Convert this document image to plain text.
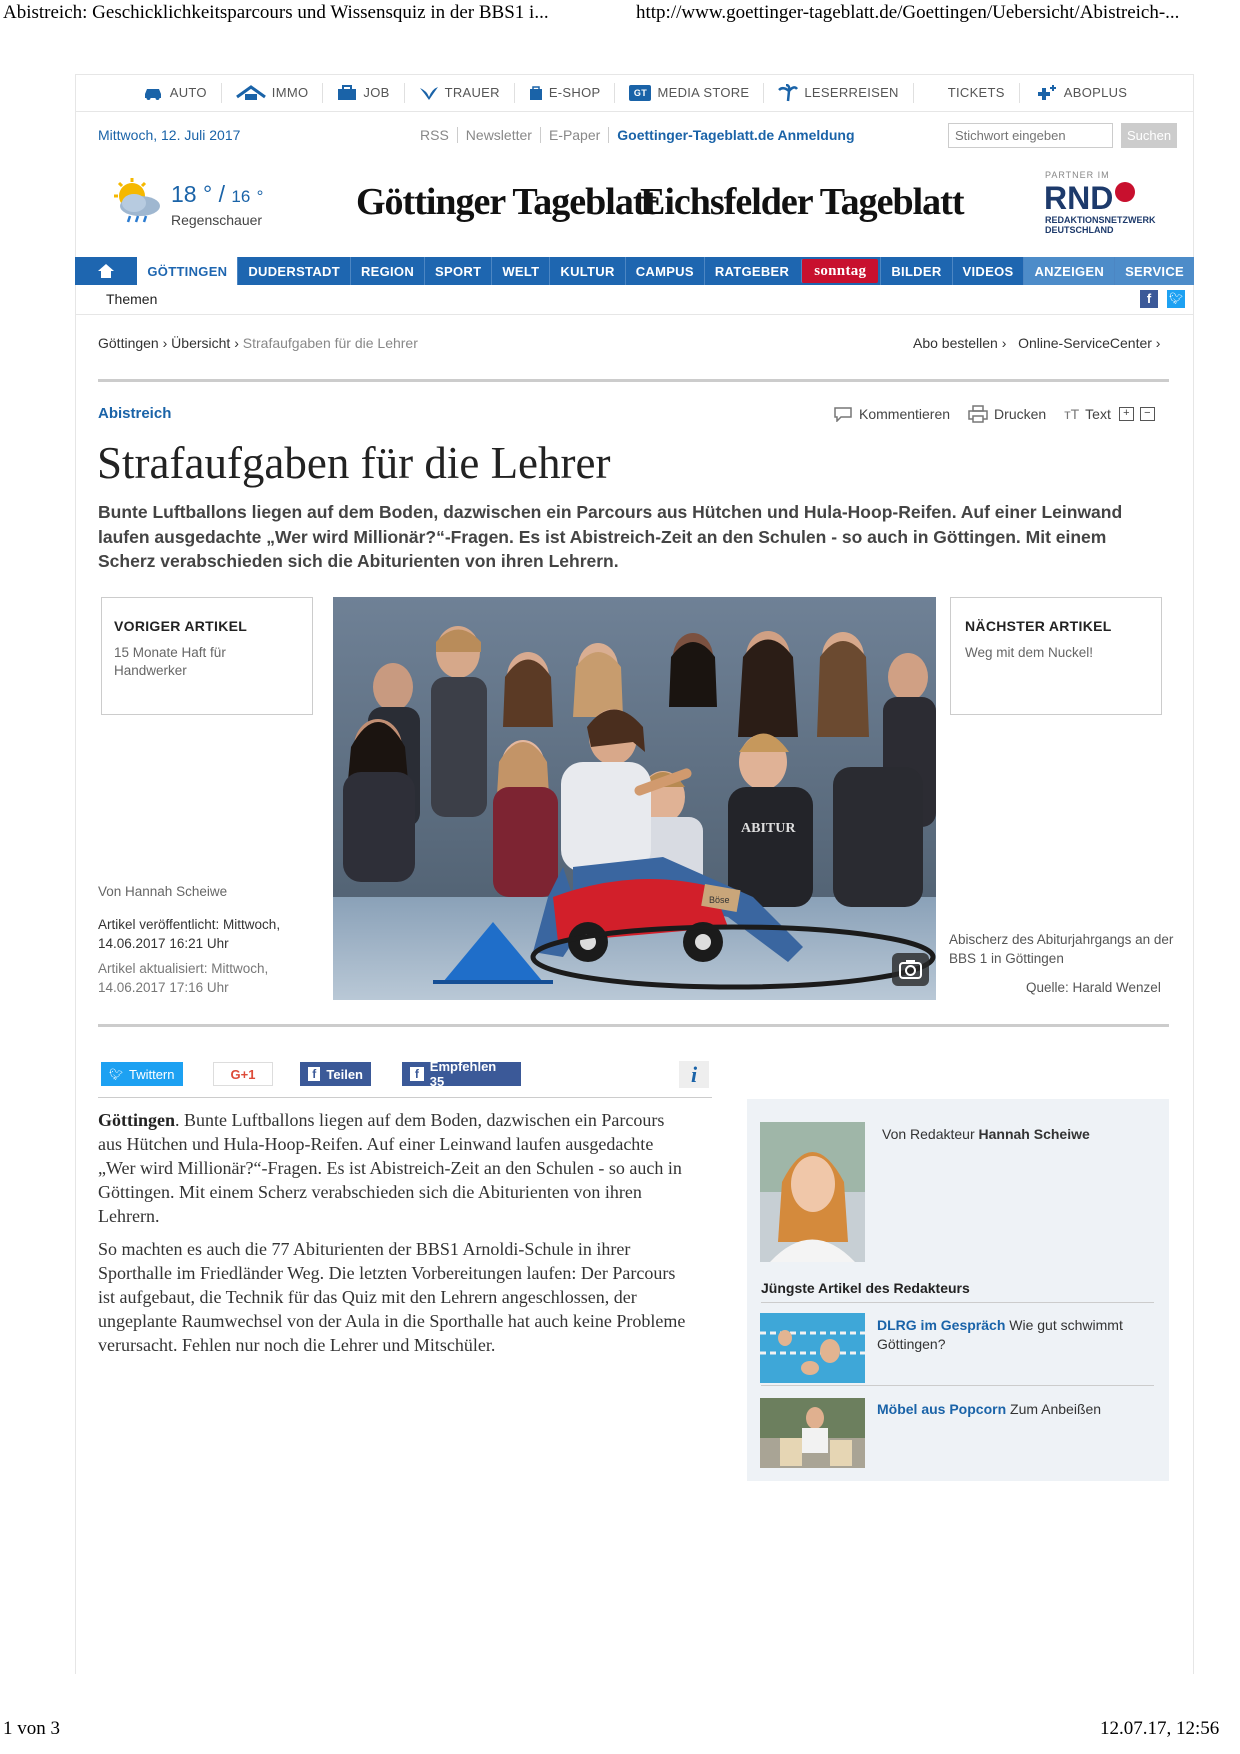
Abistreich: Geschicklichkeitsparcours und Wissensquiz in der BBS1 i...	http://www.goettinger-tageblatt.de/Goettingen/Uebersicht/Abistreich-...
1 von 3	12.07.17, 12:56
AUTO	IMMO	JOB	TRAUER	E-SHOP	GT MEDIA STORE	LESERREISEN	TICKETS	ABOPLUS
Mittwoch, 12. Juli 2017	RSS	Newsletter	E-Paper	Goettinger-Tageblatt.de Anmeldung
Stichwort eingeben	Suchen
18 ° / 16 °
Regenschauer Göttinger Tageblatt
Eichsfelder Tageblatt
PARTNER IM
RND
REDAKTIONSNETZWERK
DEUTSCHLAND
GÖTTINGEN	DUDERSTADT	REGION	SPORT	WELT	KULTUR	CAMPUS	RATGEBER	sonntag	BILDER	VIDEOS	ANZEIGEN	SERVICE
Themen	f	🐦︎
Göttingen › Übersicht › Strafaufgaben für die Lehrer	Abo bestellen ›   Online-ServiceCenter ›
Abistreich	Kommentieren	Drucken тT Text	+	−
Strafaufgaben für die Lehrer

Bunte Luftballons liegen auf dem Boden, dazwischen ein Parcours aus Hütchen und Hula-Hoop-Reifen. Auf einer Leinwand laufen ausgedachte „Wer wird Millionär?“-Fragen. Es ist Abistreich-Zeit an den Schulen - so auch in Göttingen. Mit einem Scherz verabschieden sich die Abiturienten von ihren Lehrern.

VORIGER ARTIKEL
15 Monate Haft für Handwerker
NÄCHSTER ARTIKEL
Weg mit dem Nuckel!
ABITUR
Böse
Von Hannah Scheiwe
Artikel veröffentlicht: Mittwoch, 14.06.2017 16:21 Uhr
Artikel aktualisiert: Mittwoch, 14.06.2017 17:16 Uhr
Abischerz des Abiturjahrgangs an der BBS 1 in Göttingen
Quelle: Harald Wenzel
🐦︎ Twittern	G+1	f Teilen	f Empfehlen 35	i

Göttingen. Bunte Luftballons liegen auf dem Boden, dazwischen ein Parcours aus Hütchen und Hula-Hoop-Reifen. Auf einer Leinwand laufen ausgedachte „Wer wird Millionär?“-Fragen. Es ist Abistreich-Zeit an den Schulen - so auch in Göttingen. Mit einem Scherz verabschieden sich die Abiturienten von ihren Lehrern.

So machten es auch die 77 Abiturienten der BBS1 Arnoldi-Schule in ihrer Sporthalle im Friedländer Weg. Die letzten Vorbereitungen laufen: Der Parcours ist aufgebaut, die Technik für das Quiz mit den Lehrern angeschlossen, der ungeplante Raumwechsel von der Aula in die Sporthalle hat auch keine Probleme verursacht. Fehlen nur noch die Lehrer und Mitschüler.

Von Redakteur Hannah Scheiwe
Jüngste Artikel des Redakteurs
DLRG im Gespräch Wie gut schwimmt Göttingen?
Möbel aus Popcorn Zum Anbeißen
